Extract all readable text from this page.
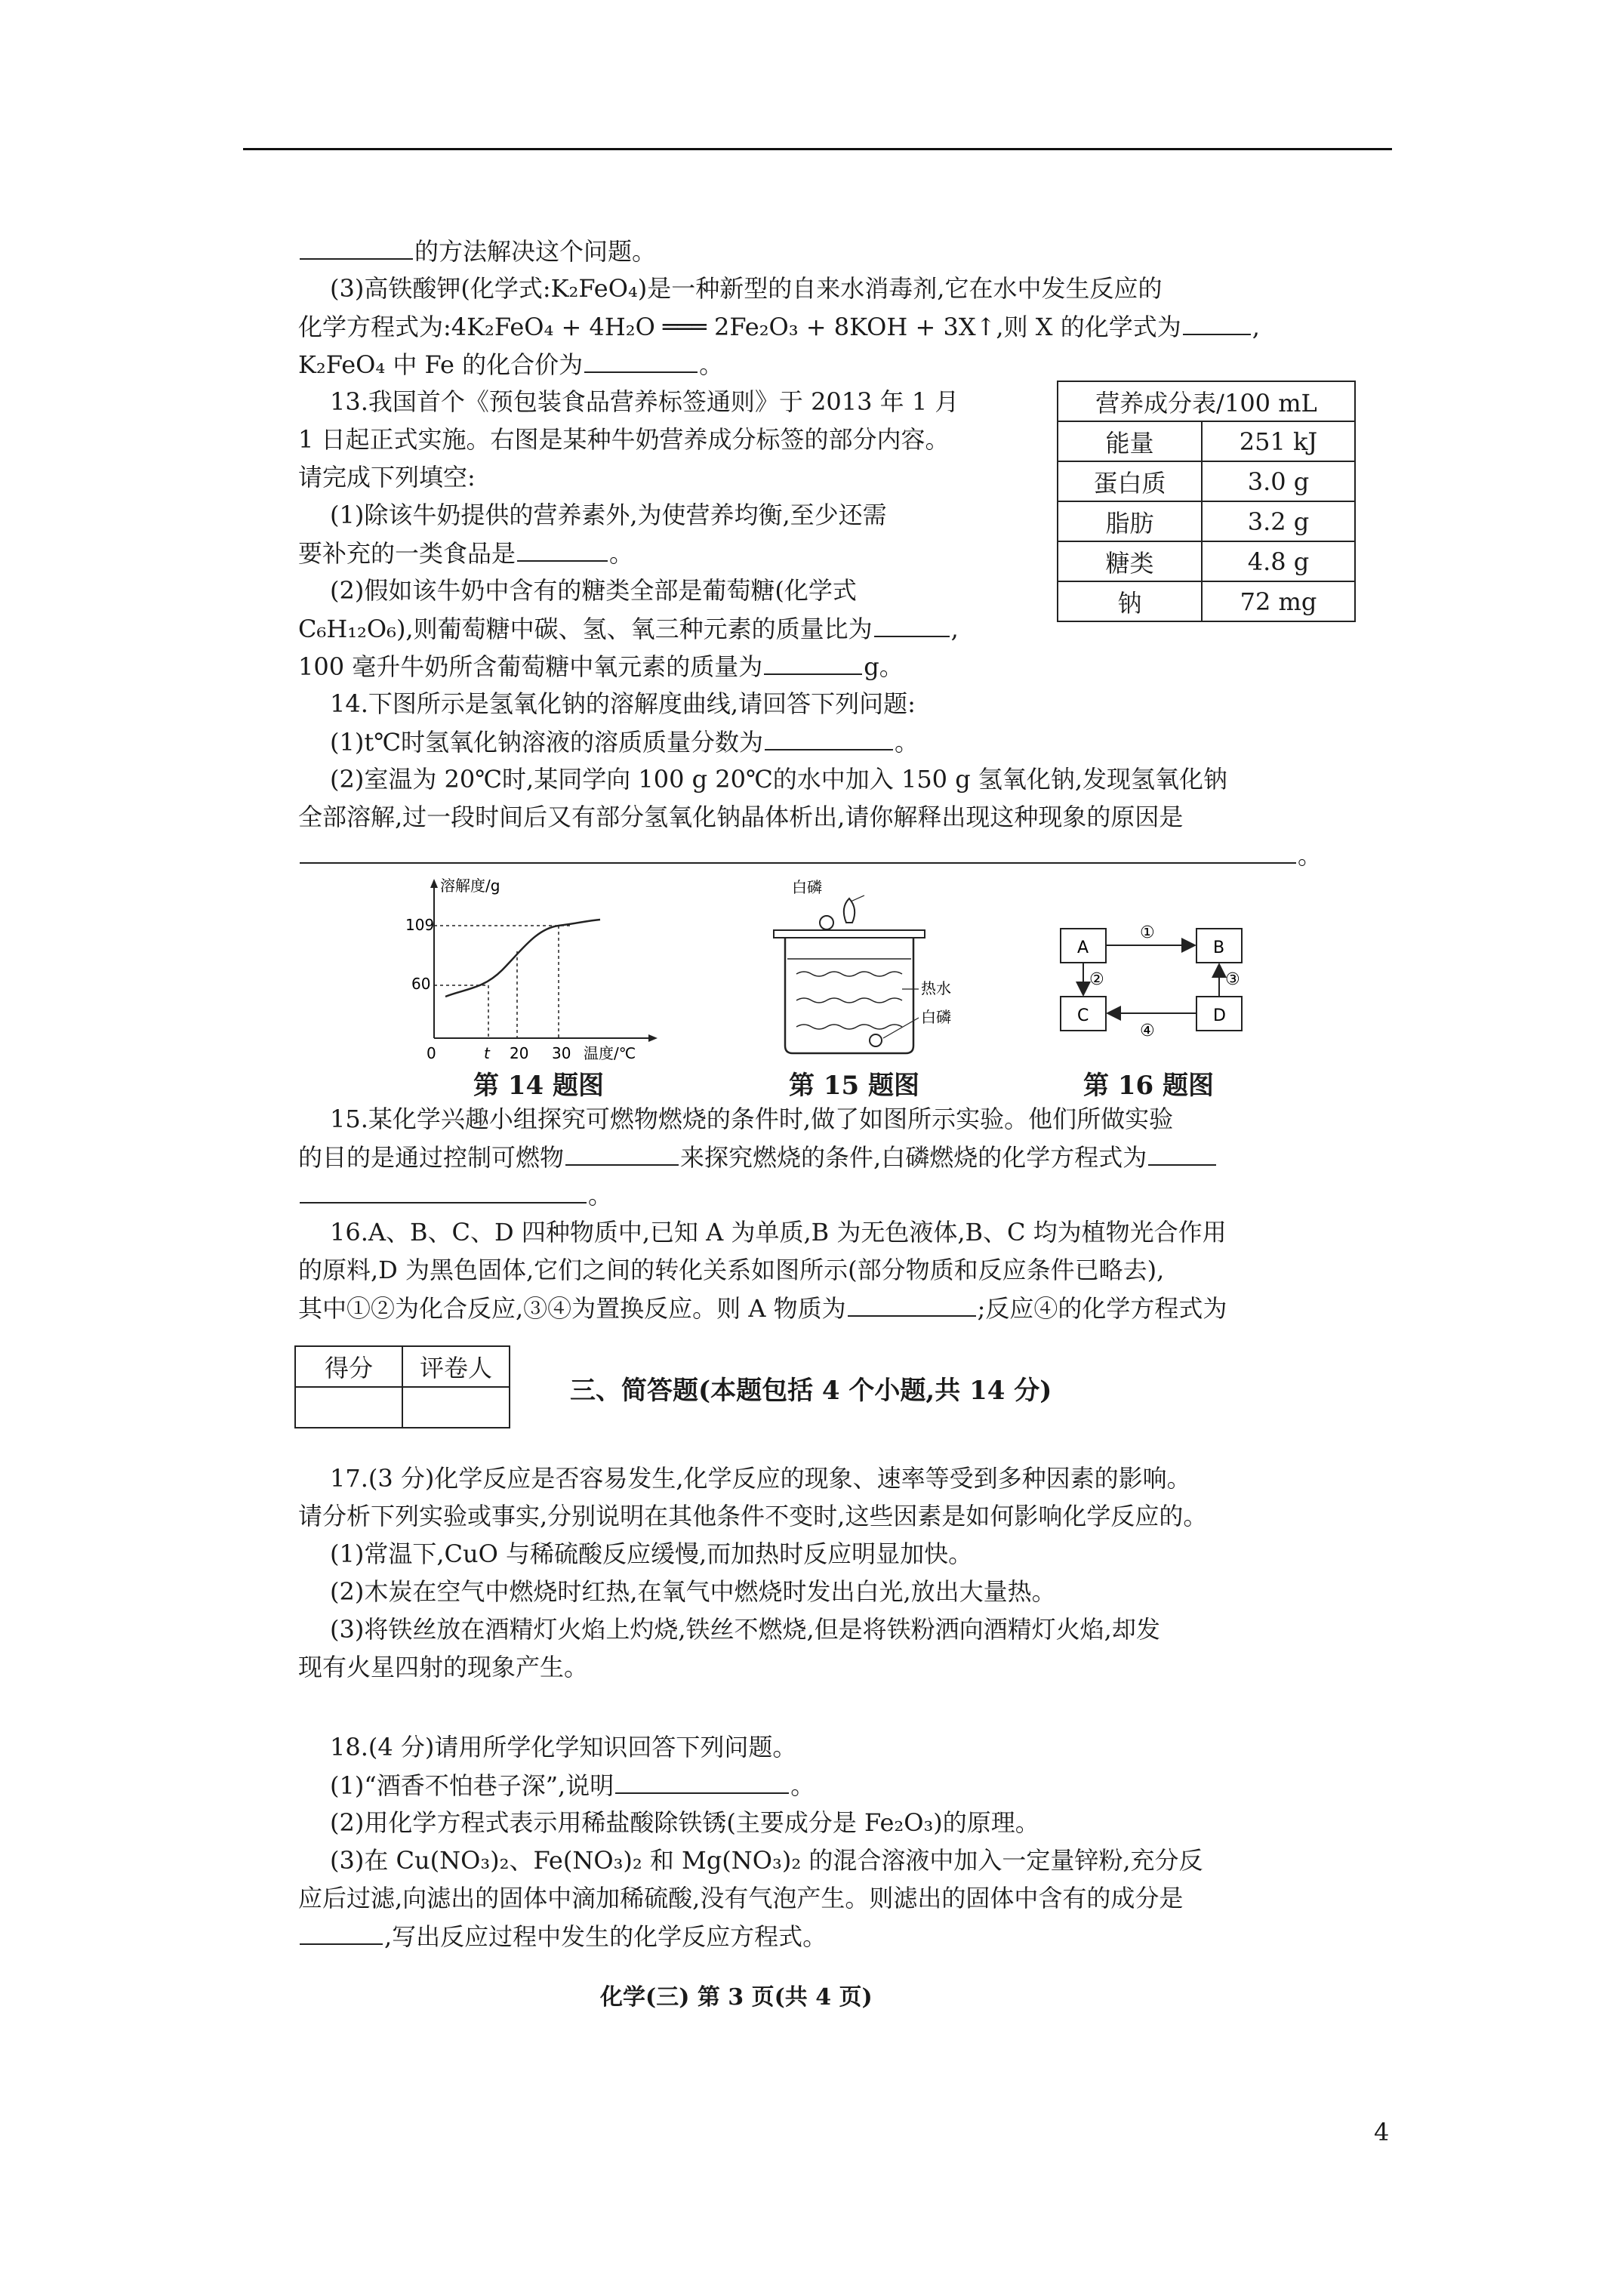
的方法解决这个问题。
(3)高铁酸钾(化学式:K₂FeO₄)是一种新型的自来水消毒剂,它在水中发生反应的
化学方程式为:4K₂FeO₄ + 4H₂O ═══ 2Fe₂O₃ + 8KOH + 3X↑,则 X 的化学式为	,
K₂FeO₄ 中 Fe 的化合价为	。
13.我国首个《预包装食品营养标签通则》于 2013 年 1 月
1 日起正式实施。右图是某种牛奶营养成分标签的部分内容。
请完成下列填空:
(1)除该牛奶提供的营养素外,为使营养均衡,至少还需
要补充的一类食品是	。
(2)假如该牛奶中含有的糖类全部是葡萄糖(化学式
C₆H₁₂O₆),则葡萄糖中碳、氢、氧三种元素的质量比为	,
100 毫升牛奶所含葡萄糖中氧元素的质量为	g。
营养成分表/100 mL	
能量	251 kJ
蛋白质	3.0 g
脂肪	3.2 g
糖类	4.8 g
钠	72 mg
14.下图所示是氢氧化钠的溶解度曲线,请回答下列问题:
(1)t℃时氢氧化钠溶液的溶质质量分数为	。
(2)室温为 20℃时,某同学向 100 g 20℃的水中加入 150 g 氢氧化钠,发现氢氧化钠
全部溶解,过一段时间后又有部分氢氧化钠晶体析出,请你解释出现这种现象的原因是
。
溶解度/g
温度/℃
109
60
0	t 20 30
第 14 题图
白磷
热水
白磷
第 15 题图
A	B
C	D
①
②	③
④
第 16 题图
15.某化学兴趣小组探究可燃物燃烧的条件时,做了如图所示实验。他们所做实验
的目的是通过控制可燃物	来探究燃烧的条件,白磷燃烧的化学方程式为
。
16.A、B、C、D 四种物质中,已知 A 为单质,B 为无色液体,B、C 均为植物光合作用
的原料,D 为黑色固体,它们之间的转化关系如图所示(部分物质和反应条件已略去),
其中①②为化合反应,③④为置换反应。则 A 物质为	;反应④的化学方程式为
得分	评卷人

三、简答题(本题包括 4 个小题,共 14 分)
17.(3 分)化学反应是否容易发生,化学反应的现象、速率等受到多种因素的影响。
请分析下列实验或事实,分别说明在其他条件不变时,这些因素是如何影响化学反应的。
(1)常温下,CuO 与稀硫酸反应缓慢,而加热时反应明显加快。
(2)木炭在空气中燃烧时红热,在氧气中燃烧时发出白光,放出大量热。
(3)将铁丝放在酒精灯火焰上灼烧,铁丝不燃烧,但是将铁粉洒向酒精灯火焰,却发
现有火星四射的现象产生。
18.(4 分)请用所学化学知识回答下列问题。
(1)“酒香不怕巷子深”,说明	。
(2)用化学方程式表示用稀盐酸除铁锈(主要成分是 Fe₂O₃)的原理。
(3)在 Cu(NO₃)₂、Fe(NO₃)₂ 和 Mg(NO₃)₂ 的混合溶液中加入一定量锌粉,充分反
应后过滤,向滤出的固体中滴加稀硫酸,没有气泡产生。则滤出的固体中含有的成分是
,写出反应过程中发生的化学反应方程式。
化学(三) 第 3 页(共 4 页)
4
